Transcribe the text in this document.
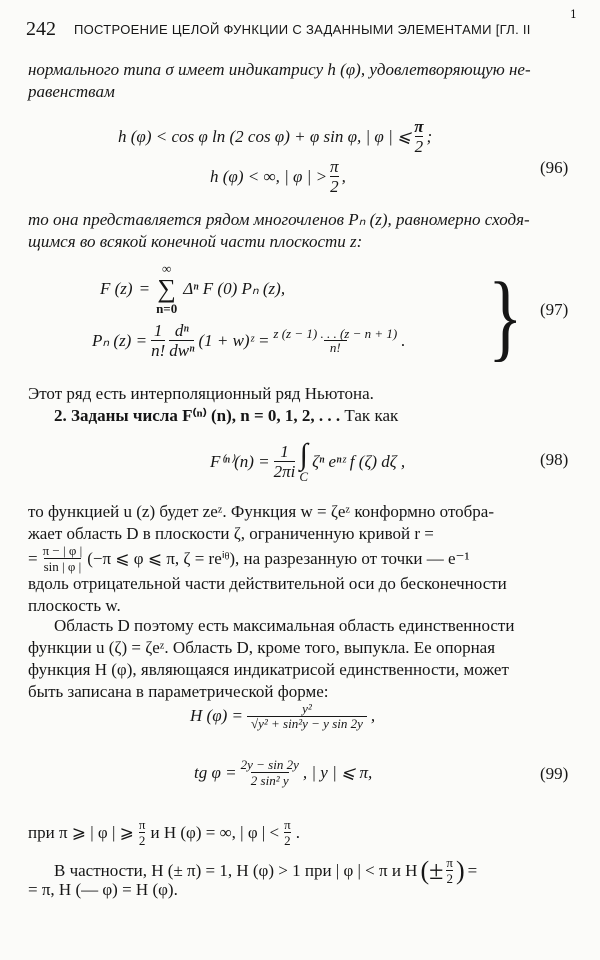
242 ПОСТРОЕНИЕ ЦЕЛОЙ ФУНКЦИИ С ЗАДАННЫМИ ЭЛЕМЕНТАМИ [ГЛ. II
1
нормального типа σ имеет индикатрису h (φ), удовлетворяющую не-
равенствам
h (φ) < cos φ ln (2 cos φ) + φ sin φ, | φ | ⩽ $\frac{\pi}{2}$ ;
h (φ) < ∞, | φ | > $\frac{\pi}{2}$ ,	(96)
то она представляется рядом многочленов Pₙ (z), равномерно сходя-
щимся во всякой конечной части плоскости z:
F (z) =
∞
∑
n=0
Δⁿ F (0) Pₙ (z),
Pₙ $(z) = \frac{1}{n!} \frac{\text{dⁿ}}{\text{dwⁿ}} (1$ + w)ᶻ = $\frac{z (z - 1) . . . (z - n + 1)}{n!}$ . } (97)
Этот ряд есть интерполяционный ряд Ньютона.
2. Заданы числа F⁽ⁿ⁾ (n), n = 0, 1, 2, . . . Так как
$F^{(n)}(n) = \frac{1}{2\pi i}$ ∫
C
ζⁿ eⁿᶻ f (ζ) dζ ,	(98)
то функцией u (z) будет zeᶻ. Функция w = ζeᶻ конформно отобра-
жает область D в плоскости ζ, ограниченную кривой r =
= $\frac{\pi - | \varphi |}{\sin | \varphi |} (-\pi$ ⩽ φ ⩽ π, ζ = reⁱᶿ), на разрезанную от точки — e⁻¹
вдоль отрицательной части действительной оси до бесконечности
плоскость w.
Область D поэтому есть максимальная область единственности
функции u (ζ) = ζeᶻ. Область D, кроме того, выпукла. Ее опорная
функция H (φ), являющаяся индикатрисой единственности, может
быть записана в параметрической форме:
H $(\varphi) = \frac{\text{y²}}{\text{√y² + sin²y − y sin 2y}}$ ,
tg $\varphi = \frac{2y - \sin 2y}{\text{2 sin² y}}$ , | y | ⩽ π,	(99)
при π ⩾ | φ | ⩾ $\frac{\pi}{2}$ и H (φ) = ∞, | φ | < $\frac{\pi}{2}$ .
В частности, H (± π) = 1, H (φ) > 1 при | φ | < π и H (± $\frac{\pi}{2}$ ) =
= π, H (— φ) = H (φ).
